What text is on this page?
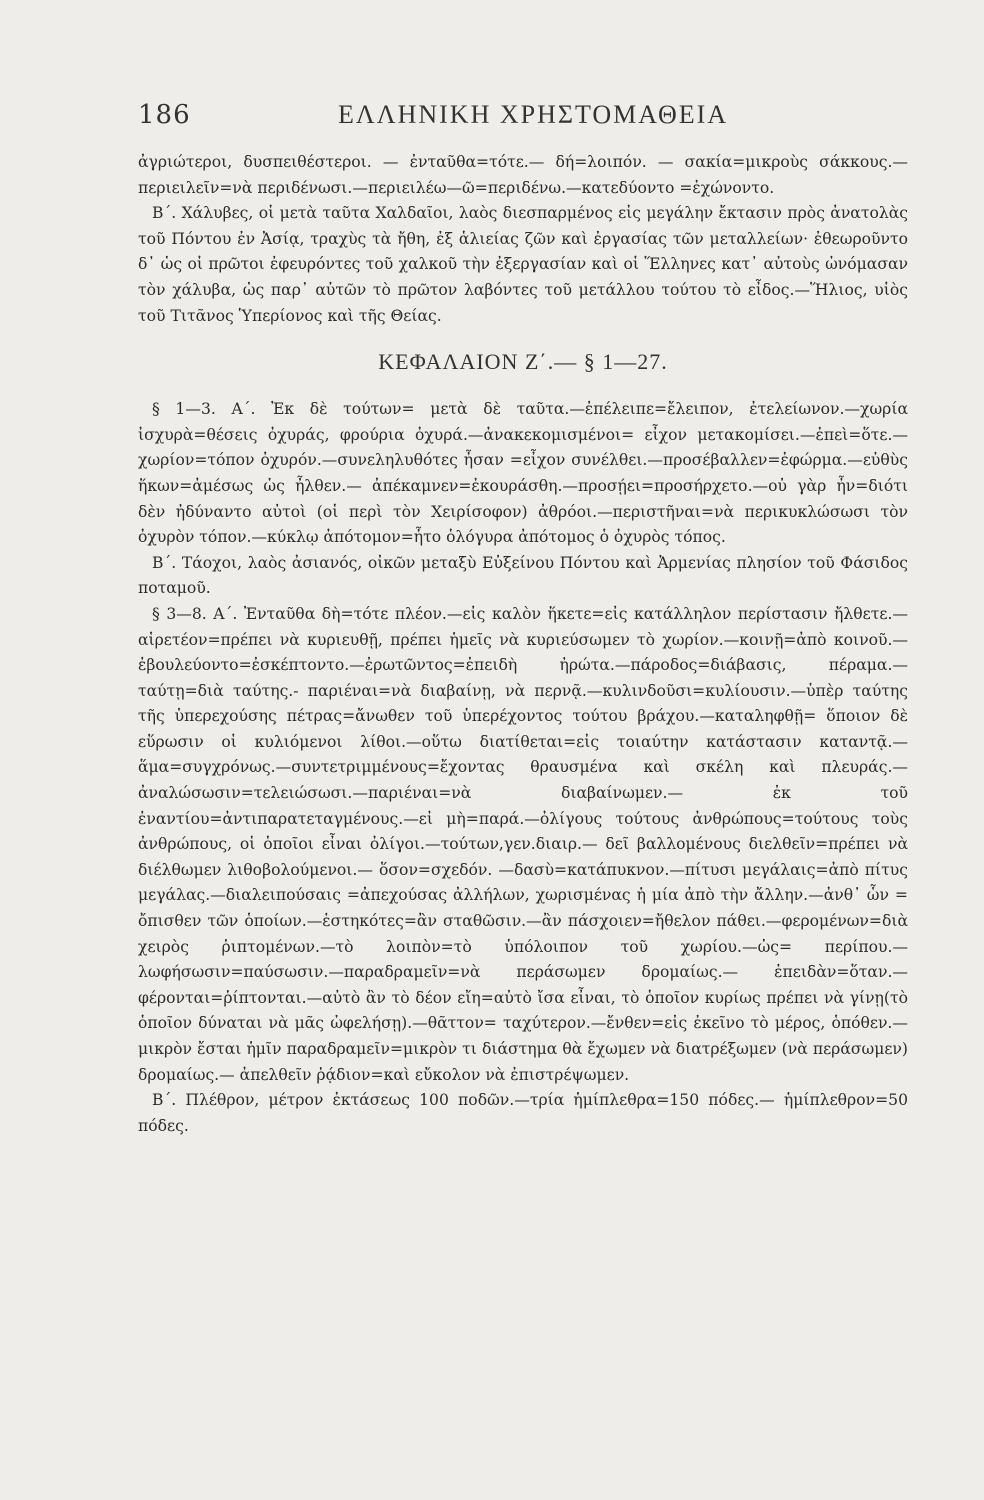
186	ΕΛΛΗΝΙΚΗ ΧΡΗΣΤΟΜΑΘΕΙΑ

ἀγριώτεροι, δυσπειθέστεροι. — ἐνταῦθα=τότε.— δή=λοιπόν. — σακία=μικροὺς σάκκους.— περιειλεῖν=νὰ περιδένωσι.—περιειλέω—ῶ=περιδένω.—κατεδύοντο =ἐχώνοντο.

Β΄. Χάλυβες, οἱ μετὰ ταῦτα Χαλδαῖοι, λαὸς διεσπαρμένος εἰς μεγάλην ἔκτασιν πρὸς ἀνατολὰς τοῦ Πόντου ἐν Ἀσίᾳ, τραχὺς τὰ ἤθη, ἐξ ἁλιείας ζῶν καὶ ἐργασίας τῶν μεταλλείων· ἐθεωροῦντο δ᾽ ὡς οἱ πρῶτοι ἐφευρόντες τοῦ χαλκοῦ τὴν ἐξεργασίαν καὶ οἱ Ἕλληνες κατ᾽ αὐτοὺς ὠνόμασαν τὸν χάλυβα, ὡς παρ᾽ αὐτῶν τὸ πρῶτον λαβόντες τοῦ μετάλλου τούτου τὸ εἶδος.—Ἥλιος, υἱὸς τοῦ Τιτᾶνος Ὑπερίονος καὶ τῆς Θείας.

ΚΕΦΑΛΑΙΟΝ Ζ΄.— § 1—27.

§ 1—3. Α΄. Ἐκ δὲ τούτων= μετὰ δὲ ταῦτα.—ἐπέλειπε=ἔλειπον, ἐτελείωνον.—χωρία ἰσχυρὰ=θέσεις ὀχυράς, φρούρια ὀχυρά.—ἀνακεκομισμένοι= εἶχον μετακομίσει.—ἐπεὶ=ὅτε.—χωρίον=τόπον ὀχυρόν.—συνεληλυθότες ἦσαν =εἶχον συνέλθει.—προσέβαλλεν=ἐφώρμα.—εὐθὺς ἥκων=ἀμέσως ὡς ἦλθεν.— ἀπέκαμνεν=ἐκουράσθη.—προσῄει=προσήρχετο.—οὐ γὰρ ἦν=διότι δὲν ἠδύναντο αὐτοὶ (οἱ περὶ τὸν Χειρίσοφον) ἀθρόοι.—περιστῆναι=νὰ περικυκλώσωσι τὸν ὀχυρὸν τόπον.—κύκλῳ ἀπότομον=ἦτο ὁλόγυρα ἀπότομος ὁ ὀχυρὸς τόπος.

Β΄. Τάοχοι, λαὸς ἀσιανός, οἰκῶν μεταξὺ Εὐξείνου Πόντου καὶ Ἀρμενίας πλησίον τοῦ Φάσιδος ποταμοῦ.

§ 3—8. Α΄. Ἐνταῦθα δὴ=τότε πλέον.—εἰς καλὸν ἥκετε=εἰς κατάλληλον περίστασιν ἤλθετε.—αἱρετέον=πρέπει νὰ κυριευθῇ, πρέπει ἡμεῖς νὰ κυριεύσωμεν τὸ χωρίον.—κοινῇ=ἀπὸ κοινοῦ.—ἐβουλεύοντο=ἐσκέπτοντο.—ἐρωτῶντος=ἐπειδὴ ἠρώτα.—πάροδος=διάβασις, πέραμα.—ταύτῃ=διὰ ταύτης.- παριέναι=νὰ διαβαίνῃ, νὰ περνᾷ.—κυλινδοῦσι=κυλίουσιν.—ὑπὲρ ταύτης τῆς ὑπερεχούσης πέτρας=ἄνωθεν τοῦ ὑπερέχοντος τούτου βράχου.—καταληφθῇ= ὅποιον δὲ εὕρωσιν οἱ κυλιόμενοι λίθοι.—οὕτω διατίθεται=εἰς τοιαύτην κατάστασιν καταντᾷ.—ἅμα=συγχρόνως.—συντετριμμένους=ἔχοντας θραυσμένα καὶ σκέλη καὶ πλευράς.—ἀναλώσωσιν=τελειώσωσι.—παριέναι=νὰ διαβαίνωμεν.— ἐκ τοῦ ἐναντίου=ἀντιπαρατεταγμένους.—εἰ μὴ=παρά.—ὀλίγους τούτους ἀνθρώπους=τούτους τοὺς ἀνθρώπους, οἱ ὁποῖοι εἶναι ὀλίγοι.—τούτων,γεν.διαιρ.— δεῖ βαλλομένους διελθεῖν=πρέπει νὰ διέλθωμεν λιθοβολούμενοι.— ὅσον=σχεδόν. —δασὺ=κατάπυκνον.—πίτυσι μεγάλαις=ἀπὸ πίτυς μεγάλας.—διαλειπούσαις =ἀπεχούσας ἀλλήλων, χωρισμένας ἡ μία ἀπὸ τὴν ἄλλην.—ἀνθ᾽ ὧν = ὄπισθεν τῶν ὁποίων.—ἑστηκότες=ἂν σταθῶσιν.—ἂν πάσχοιεν=ἤθελον πάθει.—φερομένων=διὰ χειρὸς ῥιπτομένων.—τὸ λοιπὸν=τὸ ὑπόλοιπον τοῦ χωρίου.—ὡς= περίπου.—λωφήσωσιν=παύσωσιν.—παραδραμεῖν=νὰ περάσωμεν δρομαίως.— ἐπειδὰν=ὅταν.—φέρονται=ῥίπτονται.—αὐτὸ ἂν τὸ δέον εἴη=αὐτὸ ἴσα εἶναι, τὸ ὁποῖον κυρίως πρέπει νὰ γίνῃ(τὸ ὁποῖον δύναται νὰ μᾶς ὠφελήσῃ).—θᾶττον= ταχύτερον.—ἔνθεν=εἰς ἐκεῖνο τὸ μέρος, ὁπόθεν.—μικρὸν ἔσται ἡμῖν παραδραμεῖν=μικρὸν τι διάστημα θὰ ἔχωμεν νὰ διατρέξωμεν (νὰ περάσωμεν) δρομαίως.— ἀπελθεῖν ῥᾴδιον=καὶ εὔκολον νὰ ἐπιστρέψωμεν.

Β΄. Πλέθρον, μέτρον ἐκτάσεως 100 ποδῶν.—τρία ἡμίπλεθρα=150 πόδες.— ἡμίπλεθρον=50 πόδες.
